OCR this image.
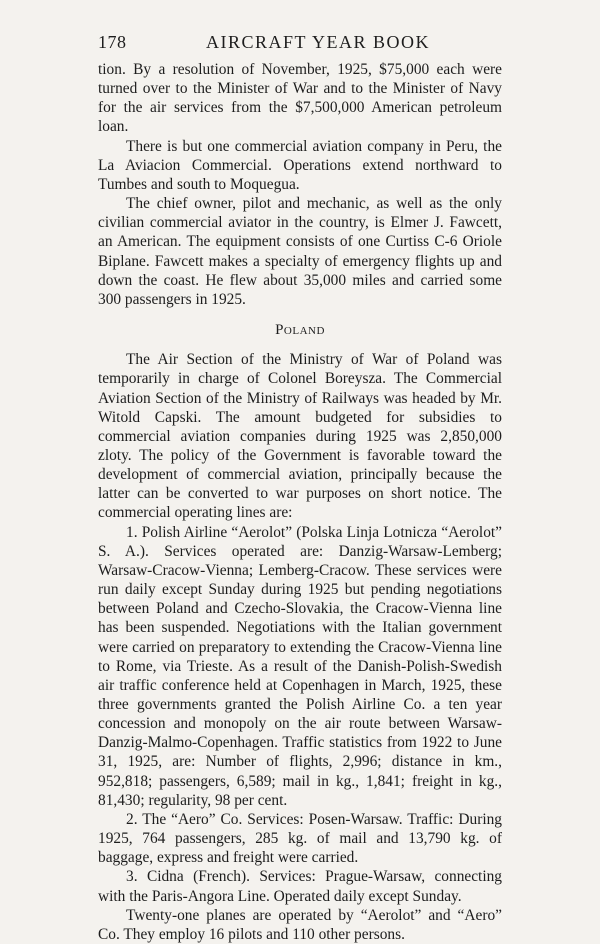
178	AIRCRAFT YEAR BOOK

tion. By a resolution of November, 1925, $75,000 each were turned over to the Minister of War and to the Minister of Navy for the air services from the $7,500,000 American petroleum loan.

There is but one commercial aviation company in Peru, the La Aviacion Commercial. Operations extend northward to Tumbes and south to Moquegua.

The chief owner, pilot and mechanic, as well as the only civilian commercial aviator in the country, is Elmer J. Fawcett, an American. The equipment consists of one Curtiss C-6 Oriole Biplane. Fawcett makes a specialty of emergency flights up and down the coast. He flew about 35,000 miles and carried some 300 passengers in 1925.

Poland

The Air Section of the Ministry of War of Poland was temporarily in charge of Colonel Boreysza. The Commercial Aviation Section of the Ministry of Railways was headed by Mr. Witold Capski. The amount budgeted for subsidies to commercial aviation companies during 1925 was 2,850,000 zloty. The policy of the Government is favorable toward the development of commercial aviation, principally because the latter can be converted to war purposes on short notice. The commercial operating lines are:

1. Polish Airline “Aerolot” (Polska Linja Lotnicza “Aerolot” S. A.). Services operated are: Danzig-Warsaw-Lemberg; Warsaw-Cracow-Vienna; Lemberg-Cracow. These services were run daily except Sunday during 1925 but pending negotiations between Poland and Czecho-Slovakia, the Cracow-Vienna line has been suspended. Negotiations with the Italian government were carried on preparatory to extending the Cracow-Vienna line to Rome, via Trieste. As a result of the Danish-Polish-Swedish air traffic conference held at Copenhagen in March, 1925, these three governments granted the Polish Airline Co. a ten year concession and monopoly on the air route between Warsaw-Danzig-Malmo-Copenhagen. Traffic statistics from 1922 to June 31, 1925, are: Number of flights, 2,996; distance in km., 952,818; passengers, 6,589; mail in kg., 1,841; freight in kg., 81,430; regularity, 98 per cent.

2. The “Aero” Co. Services: Posen-Warsaw. Traffic: During 1925, 764 passengers, 285 kg. of mail and 13,790 kg. of baggage, express and freight were carried.

3. Cidna (French). Services: Prague-Warsaw, connecting with the Paris-Angora Line. Operated daily except Sunday.

Twenty-one planes are operated by “Aerolot” and “Aero” Co. They employ 16 pilots and 110 other persons.
